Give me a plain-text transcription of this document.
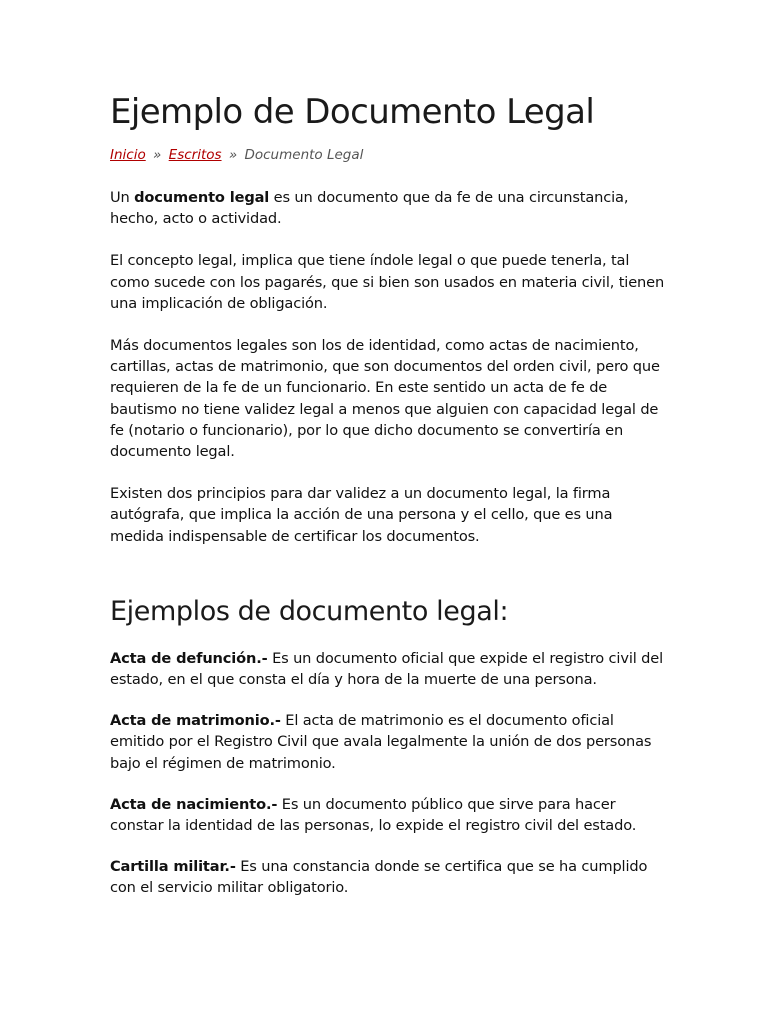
Ejemplo de Documento Legal
Inicio » Escritos » Documento Legal

Un documento legal es un documento que da fe de una circunstancia, hecho, acto o actividad.

El concepto legal, implica que tiene índole legal o que puede tenerla, tal como sucede con los pagarés, que si bien son usados en materia civil, tienen una implicación de obligación.

Más documentos legales son los de identidad, como actas de nacimiento, cartillas, actas de matrimonio, que son documentos del orden civil, pero que requieren de la fe de un funcionario. En este sentido un acta de fe de bautismo no tiene validez legal a menos que alguien con capacidad legal de fe (notario o funcionario), por lo que dicho documento se convertiría en documento legal.

Existen dos principios para dar validez a un documento legal, la firma autógrafa, que implica la acción de una persona y el cello, que es una medida indispensable de certificar los documentos.

Ejemplos de documento legal:

Acta de defunción.- Es un documento oficial que expide el registro civil del estado, en el que consta el día y hora de la muerte de una persona.

Acta de matrimonio.- El acta de matrimonio es el documento oficial emitido por el Registro Civil que avala legalmente la unión de dos personas bajo el régimen de matrimonio.

Acta de nacimiento.- Es un documento público que sirve para hacer constar la identidad de las personas, lo expide el registro civil del estado.

Cartilla militar.- Es una constancia donde se certifica que se ha cumplido con el servicio militar obligatorio.
